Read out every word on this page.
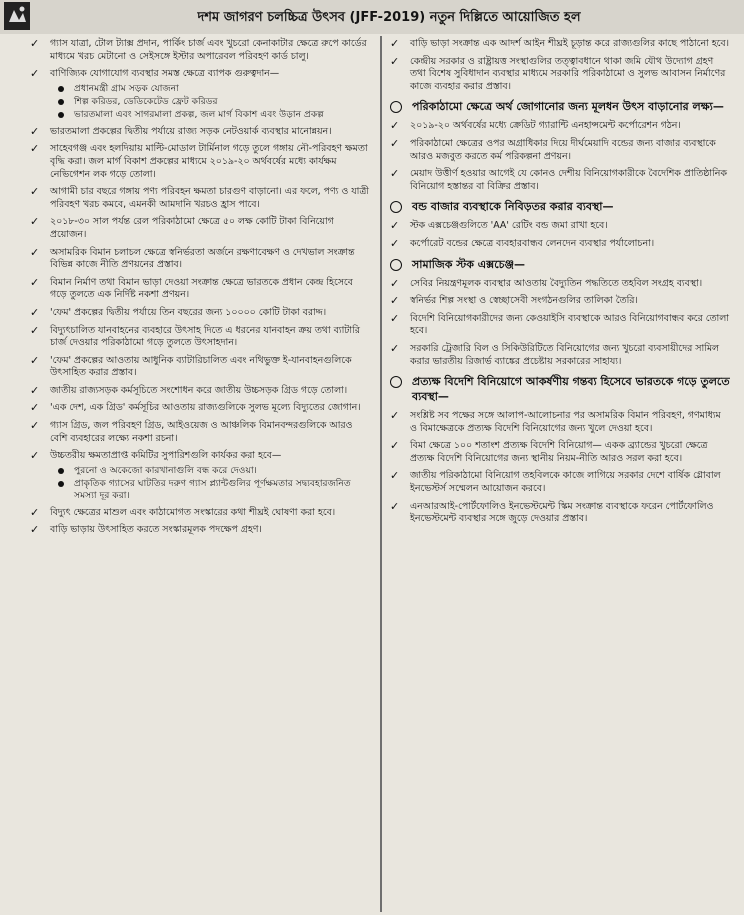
দশম জাগরণ চলচ্চিত্র উৎসব (JFF-2019) নতুন দিল্লিতে আয়োজিত হল
✓ গ্যাস যাত্রা, টোল ট্যাক্স প্রদান, পার্কিং চার্জ এবং খুচরো কেনাকাটার ক্ষেত্রে রুপে কার্ডের মাধ্যমে খরচ মেটানো ও সেইসঙ্গে ইস্টার অপারেবল পরিবহণ কার্ড চালু।
✓ বাণিজ্যিক যোগাযোগ ব্যবস্থার সমস্ত ক্ষেত্রে ব্যাপক গুরুত্বদান—
প্রধানমন্ত্রী গ্রাম সড়ক যোজনা
শিল্প করিডর, ডেডিকেটেড ফ্রেট করিডর
ভারতমালা এবং সাগরমালা প্রকল্প, জল মার্গ বিকাশ এবং উড়ান প্রকল্প
✓ ভারতমালা প্রকল্পের দ্বিতীয় পর্যায়ে রাজ্য সড়ক নেটওয়ার্ক ব্যবস্থার মানোন্নয়ন।
✓ সাহেবগঞ্জ এবং হলদিয়ায় মাল্টি-মোডাল টার্মিনাল গড়ে তুলে গঙ্গায় নৌ-পরিবহণ ক্ষমতা বৃদ্ধি করা। জল মার্গ বিকাশ প্রকল্পের মাধ্যমে ২০১৯-২০ অর্থবর্ষের মধ্যে কার্যক্ষম নেভিগেশন লক গড়ে তোলা।
✓ আগামী চার বছরে গঙ্গায় পণ্য পরিবহন ক্ষমতা চারগুণ বাড়ানো। এর ফলে, পণ্য ও যাত্রী পরিবহণ খরচ কমবে, এমনকী আমদানি খরচও হ্রাস পাবে।
✓ ২০১৮-৩০ সাল পর্যন্ত রেল পরিকাঠামো ক্ষেত্রে ৫০ লক্ষ কোটি টাকা বিনিয়োগ প্রয়োজন।
✓ অসামরিক বিমান চলাচল ক্ষেত্রে স্বনির্ভরতা অর্জনে রক্ষণাবেক্ষণ ও দেখভাল সংক্রান্ত বিভিন্ন কাজে নীতি প্রণয়নের প্রস্তাব।
✓ বিমান নির্মাণ তথা বিমান ভাড়া দেওয়া সংক্রান্ত ক্ষেত্রে ভারতকে প্রধান কেন্দ্র হিসেবে গড়ে তুলতে এক নির্দিষ্ট নকশা প্রণয়ন।
✓ 'ফেম' প্রকল্পের দ্বিতীয় পর্যায়ে তিন বছরের জন্য ১০০০০ কোটি টাকা বরাদ্দ।
✓ বিদ্যুৎচালিত যানবাহনের ব্যবহারে উৎসাহ দিতে এ ধরনের যানবাহন ক্রয় তথা ব্যাটারি চার্জ দেওয়ার পরিকাঠামো গড়ে তুলতে উৎসাহদান।
✓ 'ফেম' প্রকল্পের আওতায় আধুনিক ব্যাটারিচালিত এবং নথিভুক্ত ই-যানবাহনগুলিকে উৎসাহিত করার প্রস্তাব।
✓ জাতীয় রাজ্যসড়ক কর্মসূচিতে সংশোধন করে জাতীয় উচ্চসড়ক গ্রিড গড়ে তোলা।
✓ 'এক দেশ, এক গ্রিড' কর্মসূচির আওতায় রাজ্যগুলিকে সুলভ মূল্যে বিদ্যুতের জোগান।
✓ গ্যাস গ্রিড, জল পরিবহণ গ্রিড, আইওয়েজ ও আঞ্চলিক বিমানবন্দরগুলিকে আরও বেশি ব্যবহারের লক্ষ্যে নকশা রচনা।
✓ উচ্চতরীয় ক্ষমতাপ্রাপ্ত কমিটির সুপারিশগুলি কার্যকর করা হবে—
পুরনো ও অকেজো কারখানাগুলি বন্ধ করে দেওয়া।
প্রাকৃতিক গ্যাসের ঘাটতির দরুণ গ্যাস প্ল্যান্টগুলির পূর্ণক্ষমতার সদ্ব্যবহারজনিত সমস্যা দূর করা।
✓ বিদ্যুৎ ক্ষেত্রের মাশুল এবং কাঠামোগত সংস্কারের কথা শীঘ্রই ঘোষণা করা হবে।
✓ বাড়ি ভাড়ায় উৎসাহিত করতে সংস্কারমূলক পদক্ষেপ গ্রহণ।
✓ বাড়ি ভাড়া সংক্রান্ত এক আদর্শ আইন শীঘ্রই চূড়ান্ত করে রাজ্যগুলির কাছে পাঠানো হবে।
✓ কেন্দ্রীয় সরকার ও রাষ্ট্রায়ত্ত সংস্থাগুলির তত্ত্বাবধানে থাকা জমি যৌথ উদ্যোগ গ্রহণ তথা বিশেষ সুবিধাদান ব্যবস্থার মাধ্যমে সরকারি পরিকাঠামো ও সুলভ আবাসন নির্মাণের কাজে ব্যবহার করার প্রস্তাব।
পরিকাঠামো ক্ষেত্রে অর্থ জোগানোর জন্য মূলধন উৎস বাড়ানোর লক্ষ্য—
✓ ২০১৯-২০ অর্থবর্ষের মধ্যে ক্রেডিট গ্যারান্টি এনহান্সমেন্ট কর্পোরেশন গঠন।
✓ পরিকাঠামো ক্ষেত্রের ওপর অগ্রাধিকার দিয়ে দীর্ঘমেয়াদি বন্ডের জন্য বাজার ব্যবস্থাকে আরও মজবুত করতে কর্ম পরিকল্পনা প্রণয়ন।
✓ মেয়াদ উত্তীর্ণ হওয়ার আগেই যে কোনও দেশীয় বিনিয়োগকারীকে বৈদেশিক প্রাতিষ্ঠানিক বিনিয়োগ হস্তান্তর বা বিক্রির প্রস্তাব।
বন্ড বাজার ব্যবস্থাকে নিবিড়তর করার ব্যবস্থা—
✓ স্টক এক্সচেঞ্জগুলিতে 'AA' রেটিং বন্ড জমা রাখা হবে।
✓ কর্পোরেট বন্ডের ক্ষেত্রে ব্যবহারবান্ধব লেনদেন ব্যবস্থার পর্যালোচনা।
সামাজিক স্টক এক্সচেঞ্জ—
✓ সেবির নিয়ন্ত্রণমূলক ব্যবস্থার আওতায় বৈদ্যুতিন পদ্ধতিতে তহবিল সংগ্রহ ব্যবস্থা।
✓ স্বনির্ভর শিল্প সংস্থা ও স্বেচ্ছাসেবী সংগঠনগুলির তালিকা তৈরি।
✓ বিদেশি বিনিয়োগকারীদের জন্য কেওয়াইসি ব্যবস্থাকে আরও বিনিয়োগবান্ধব করে তোলা হবে।
✓ সরকারি ট্রেজারি বিল ও সিকিউরিটিতে বিনিয়োগের জন্য খুচরো ব্যবসায়ীদের সামিল করার ভারতীয় রিজার্ভ ব্যাঙ্কের প্রচেষ্টায় সরকারের সাহায্য।
প্রত্যক্ষ বিদেশি বিনিয়োগে আকর্ষণীয় গন্তব্য হিসেবে ভারতকে গড়ে তুলতে ব্যবস্থা—
✓ সংশ্লিষ্ট সব পক্ষের সঙ্গে আলাপ-আলোচনার পর অসামরিক বিমান পরিবহণ, গণমাধ্যম ও বিমাক্ষেত্রকে প্রত্যক্ষ বিদেশি বিনিয়োগের জন্য খুলে দেওয়া হবে।
✓ বিমা ক্ষেত্রে ১০০ শতাংশ প্রত্যক্ষ বিদেশি বিনিয়োগ— একক ব্র্যান্ডের খুচরো ক্ষেত্রে প্রত্যক্ষ বিদেশি বিনিয়োগের জন্য স্থানীয় নিয়ম-নীতি আরও সরল করা হবে।
✓ জাতীয় পরিকাঠামো বিনিয়োগ তহবিলকে কাজে লাগিয়ে সরকার দেশে বার্ষিক গ্লোবাল ইনভেস্টর্স সম্মেলন আয়োজন করবে।
✓ এনআরআই-পোর্টফোলিও ইনভেস্টমেন্ট স্কিম সংক্রান্ত ব্যবস্থাকে ফরেন পোর্টফোলিও ইনভেস্টমেন্ট ব্যবস্থার সঙ্গে জুড়ে দেওয়ার প্রস্তাব।
